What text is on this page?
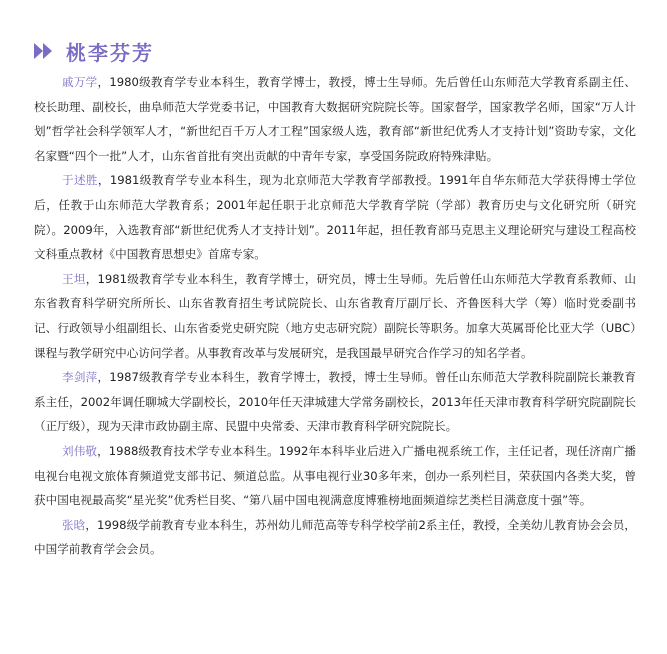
桃李芬芳

戚万学，1980级教育学专业本科生，教育学博士，教授，博士生导师。先后曾任山东师范大学教育系副主任、校长助理、副校长，曲阜师范大学党委书记，中国教育大数据研究院院长等。国家督学，国家教学名师，国家“万人计划”哲学社会科学领军人才，“新世纪百千万人才工程”国家级人选，教育部“新世纪优秀人才支持计划”资助专家，文化名家暨“四个一批”人才，山东省首批有突出贡献的中青年专家，享受国务院政府特殊津贴。

于述胜，1981级教育学专业本科生，现为北京师范大学教育学部教授。1991年自华东师范大学获得博士学位后，任教于山东师范大学教育系；2001年起任职于北京师范大学教育学院（学部）教育历史与文化研究所（研究院）。2009年，入选教育部“新世纪优秀人才支持计划”。2011年起，担任教育部马克思主义理论研究与建设工程高校文科重点教材《中国教育思想史》首席专家。

王坦，1981级教育学专业本科生，教育学博士，研究员，博士生导师。先后曾任山东师范大学教育系教师、山东省教育科学研究所所长、山东省教育招生考试院院长、山东省教育厅副厅长、齐鲁医科大学（筹）临时党委副书记、行政领导小组副组长、山东省委党史研究院（地方史志研究院）副院长等职务。加拿大英属哥伦比亚大学（UBC）课程与教学研究中心访问学者。从事教育改革与发展研究，是我国最早研究合作学习的知名学者。

李剑萍，1987级教育学专业本科生，教育学博士，教授，博士生导师。曾任山东师范大学教科院副院长兼教育系主任，2002年调任聊城大学副校长，2010年任天津城建大学常务副校长，2013年任天津市教育科学研究院副院长（正厅级），现为天津市政协副主席、民盟中央常委、天津市教育科学研究院院长。

刘伟敬，1988级教育技术学专业本科生。1992年本科毕业后进入广播电视系统工作，主任记者，现任济南广播电视台电视文旅体育频道党支部书记、频道总监。从事电视行业30多年来，创办一系列栏目，荣获国内各类大奖，曾获中国电视最高奖“星光奖”优秀栏目奖、“第八届中国电视满意度博雅榜地面频道综艺类栏目满意度十强”等。

张晗，1998级学前教育专业本科生，苏州幼儿师范高等专科学校学前2系主任，教授，全美幼儿教育协会会员，中国学前教育学会会员。
